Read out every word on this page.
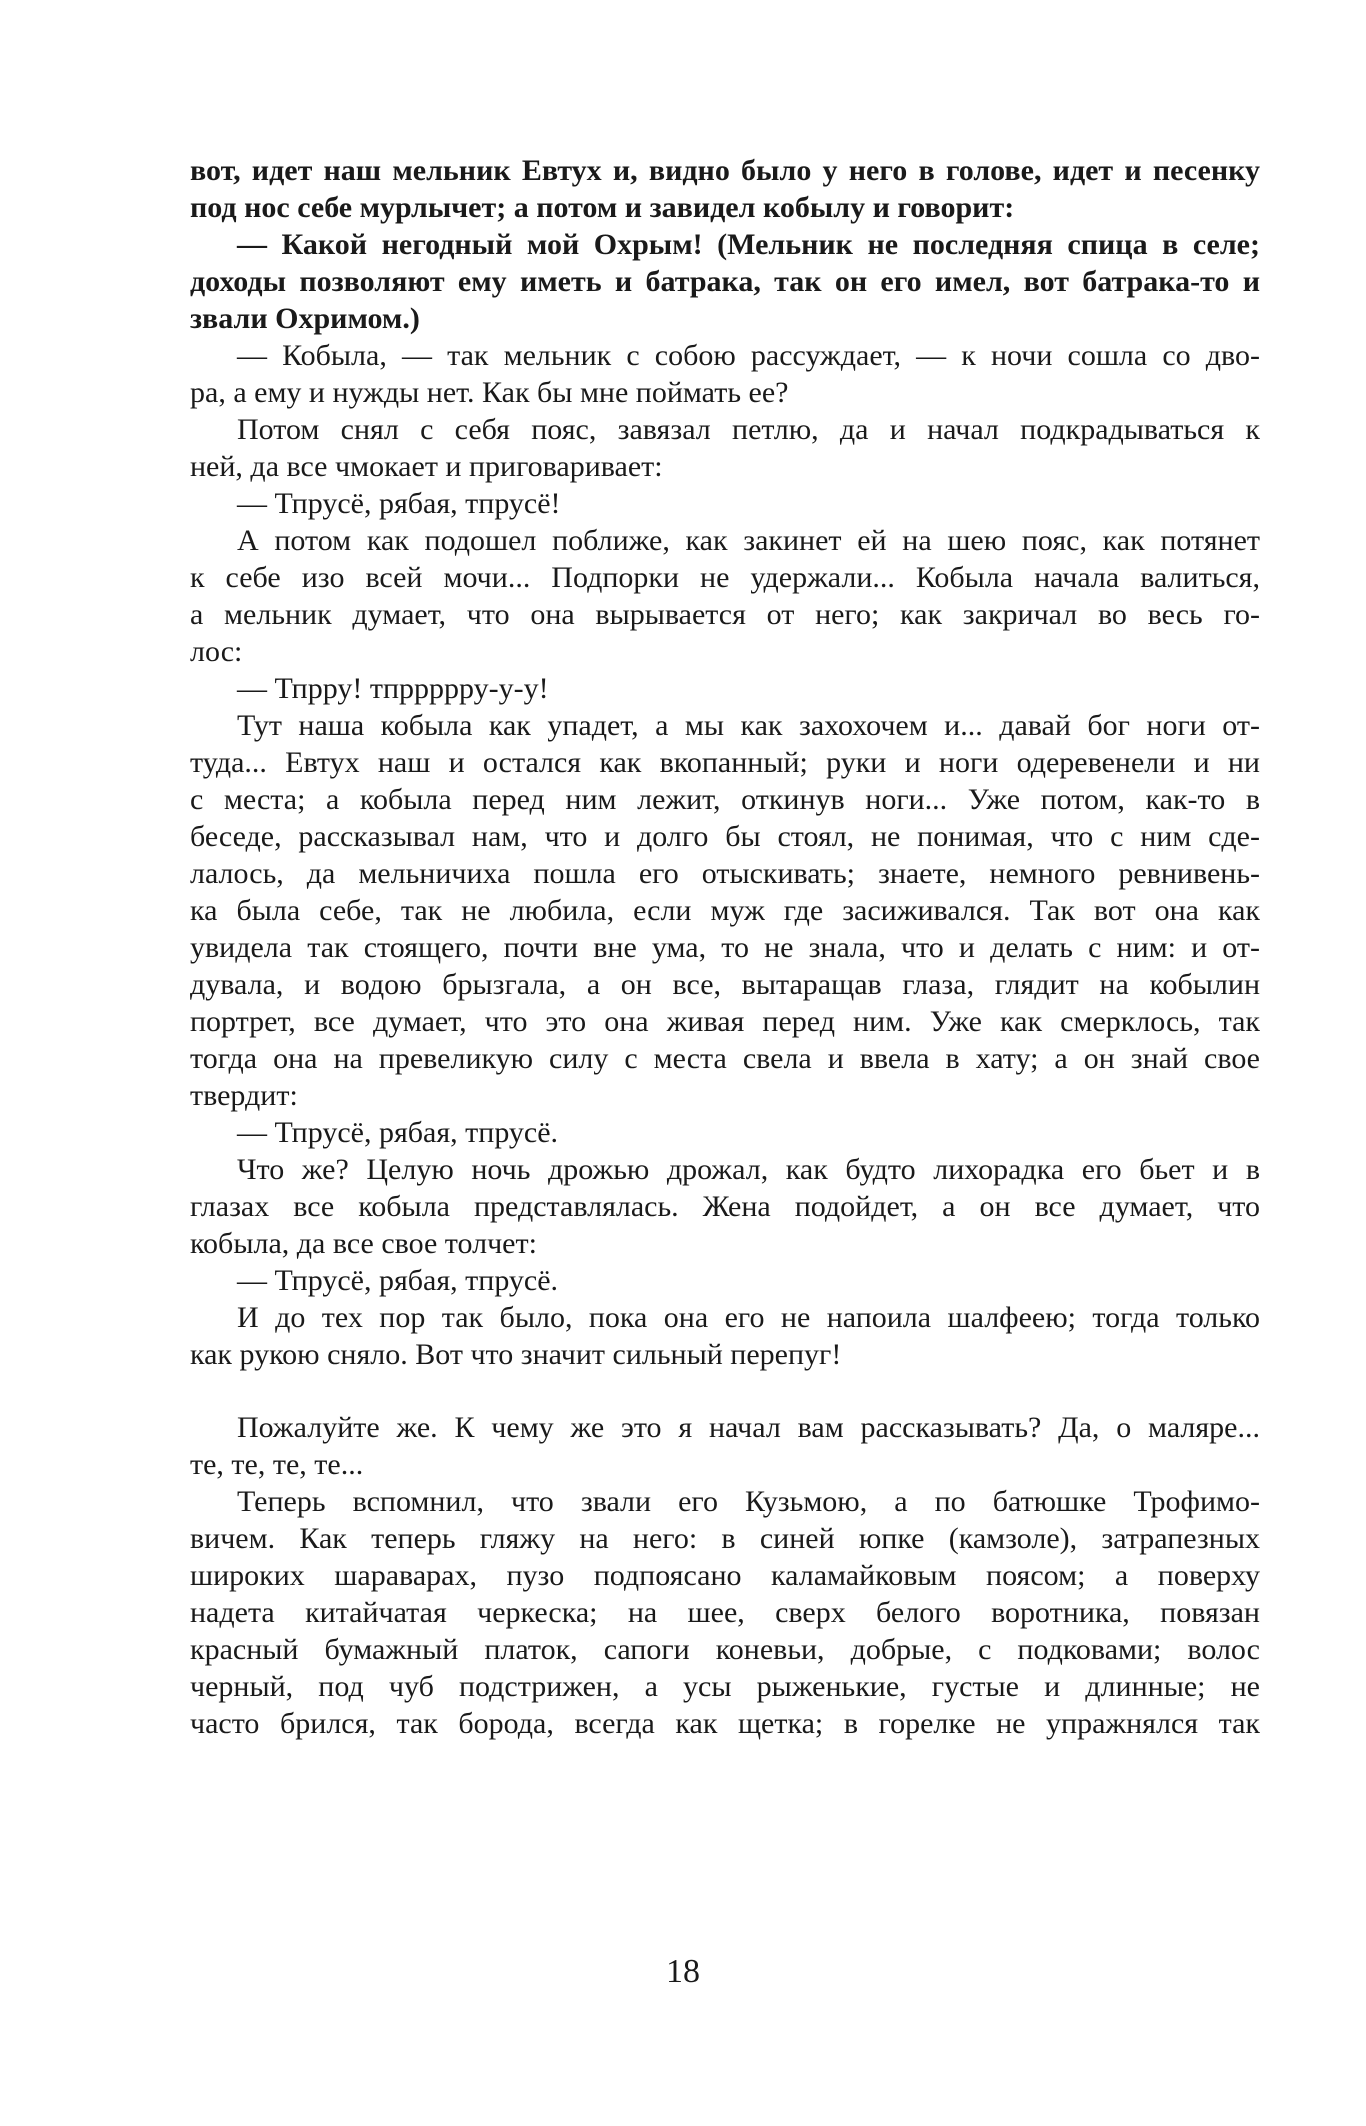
вот, идет наш мельник Евтух и, видно было у него в голове, идет и песенку
под нос себе мурлычет; а потом и завидел кобылу и говорит:
— Какой негодный мой Охрым! (Мельник не последняя спица в селе;
доходы позволяют ему иметь и батрака, так он его имел, вот батрака-то и
звали Охримом.)
— Кобыла, — так мельник с собою рассуждает, — к ночи сошла со дво-
ра, а ему и нужды нет. Как бы мне поймать ее?
Потом снял с себя пояс, завязал петлю, да и начал подкрадываться к
ней, да все чмокает и приговаривает:
— Тпрусё, рябая, тпрусё!
А потом как подошел поближе, как закинет ей на шею пояс, как потянет
к себе изо всей мочи... Подпорки не удержали... Кобыла начала валиться,
а мельник думает, что она вырывается от него; как закричал во весь го-
лос:
— Тпрру! тпррррру-у-у!
Тут наша кобыла как упадет, а мы как захохочем и... давай бог ноги от-
туда... Евтух наш и остался как вкопанный; руки и ноги одеревенели и ни
с места; а кобыла перед ним лежит, откинув ноги... Уже потом, как-то в
беседе, рассказывал нам, что и долго бы стоял, не понимая, что с ним сде-
лалось, да мельничиха пошла его отыскивать; знаете, немного ревнивень-
ка была себе, так не любила, если муж где засиживался. Так вот она как
увидела так стоящего, почти вне ума, то не знала, что и делать с ним: и от-
дувала, и водою брызгала, а он все, вытаращав глаза, глядит на кобылин
портрет, все думает, что это она живая перед ним. Уже как смерклось, так
тогда она на превеликую силу с места свела и ввела в хату; а он знай свое
твердит:
— Тпрусё, рябая, тпрусё.
Что же? Целую ночь дрожью дрожал, как будто лихорадка его бьет и в
глазах все кобыла представлялась. Жена подойдет, а он все думает, что
кобыла, да все свое толчет:
— Тпрусё, рябая, тпрусё.
И до тех пор так было, пока она его не напоила шалфеею; тогда только
как рукою сняло. Вот что значит сильный перепуг!
Пожалуйте же. К чему же это я начал вам рассказывать? Да, о маляре...
те, те, те, те...
Теперь вспомнил, что звали его Кузьмою, а по батюшке Трофимо-
вичем. Как теперь гляжу на него: в синей юпке (камзоле), затрапезных
широких шараварах, пузо подпоясано каламайковым поясом; а поверху
надета китайчатая черкеска; на шее, сверх белого воротника, повязан
красный бумажный платок, сапоги коневьи, добрые, с подковами; волос
черный, под чуб подстрижен, а усы рыженькие, густые и длинные; не
часто брился, так борода, всегда как щетка; в горелке не упражнялся так
18
